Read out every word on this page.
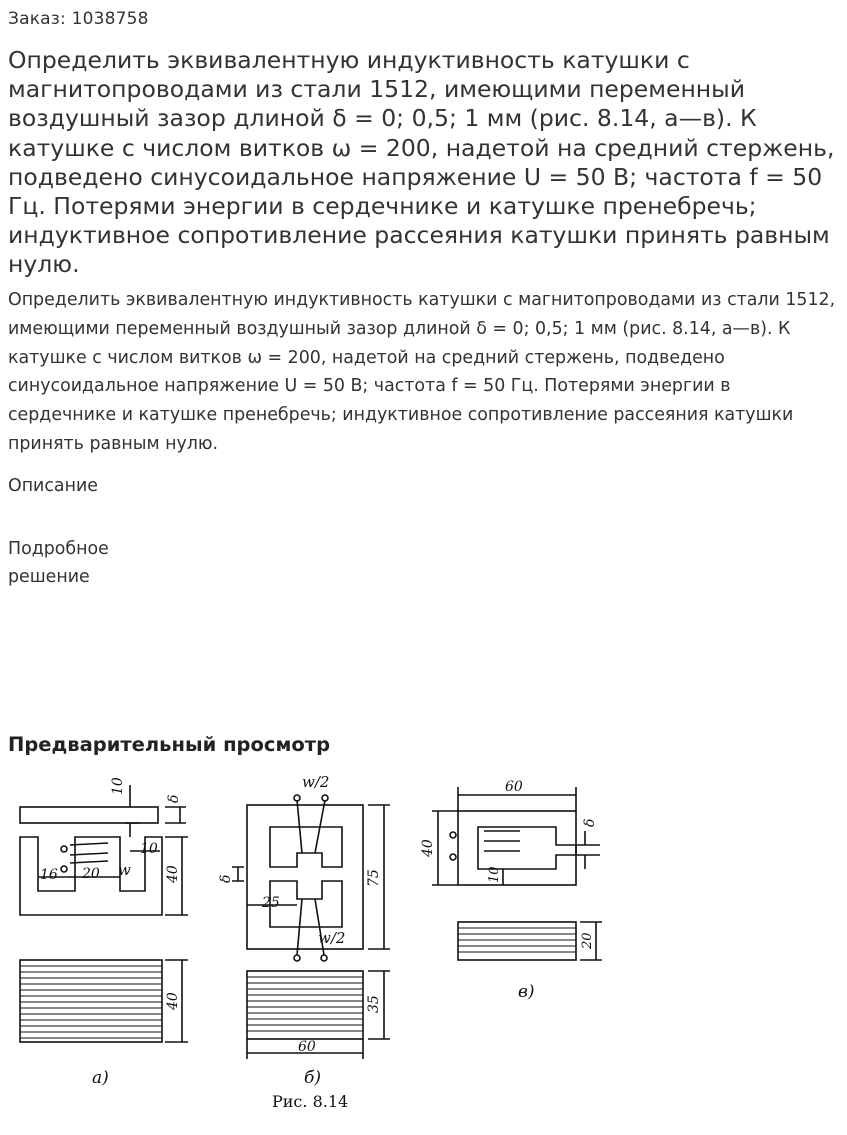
Заказ: 1038758
Определить эквивалентную индуктивность катушки с магнитопроводами из стали 1512, имеющими переменный воздушный зазор длиной δ = 0; 0,5; 1 мм (рис. 8.14, а—в). К катушке с числом витков ω = 200, надетой на средний стержень, подведено синусоидальное напряжение U = 50 В; частота f = 50 Гц. Потерями энергии в сердечнике и катушке пренебречь; индуктивное сопротивление рассеяния катушки принять равным нулю.

Определить эквивалентную индуктивность катушки с магнитопроводами из стали 1512, имеющими переменный воздушный зазор длиной δ = 0; 0,5; 1 мм (рис. 8.14, а—в). К катушке с числом витков ω = 200, надетой на средний стержень, подведено синусоидальное напряжение U = 50 В; частота f = 50 Гц. Потерями энергии в сердечнике и катушке пренебречь; индуктивное сопротивление рассеяния катушки принять равным нулю.

Описание
Подробное решение
Предварительный просмотр
10
δ
10
16 20 w 40
40
а)
w/2
w/2
δ
25
75
35
60
б)
60
40
δ
10
20
в)
Рис. 8.14
